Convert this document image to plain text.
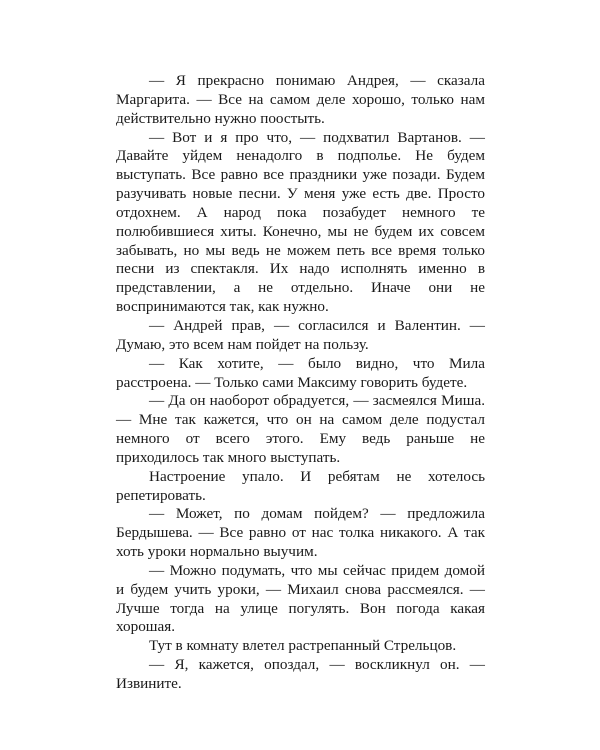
— Я прекрасно понимаю Андрея, — сказала Маргарита. — Все на самом деле хорошо, только нам действительно нужно поостыть.

— Вот и я про что, — подхватил Вартанов. — Давайте уйдем ненадолго в подполье. Не будем выступать. Все равно все праздники уже позади. Будем разучивать новые песни. У меня уже есть две. Просто отдохнем. А народ пока позабудет немного те полюбившиеся хиты. Конечно, мы не будем их совсем забывать, но мы ведь не можем петь все время только песни из спектакля. Их надо исполнять именно в представлении, а не отдельно. Иначе они не воспринимаются так, как нужно.

— Андрей прав, — согласился и Валентин. — Думаю, это всем нам пойдет на пользу.

— Как хотите, — было видно, что Мила расстроена. — Только сами Максиму говорить будете.

— Да он наоборот обрадуется, — засмеялся Миша. — Мне так кажется, что он на самом деле подустал немного от всего этого. Ему ведь раньше не приходилось так много выступать.

Настроение упало. И ребятам не хотелось репетировать.

— Может, по домам пойдем? — предложила Бердышева. — Все равно от нас толка никакого. А так хоть уроки нормально выучим.

— Можно подумать, что мы сейчас придем домой и будем учить уроки, — Михаил снова рассмеялся. — Лучше тогда на улице погулять. Вон погода какая хорошая.

Тут в комнату влетел растрепанный Стрельцов.

— Я, кажется, опоздал, — воскликнул он. — Извините.
